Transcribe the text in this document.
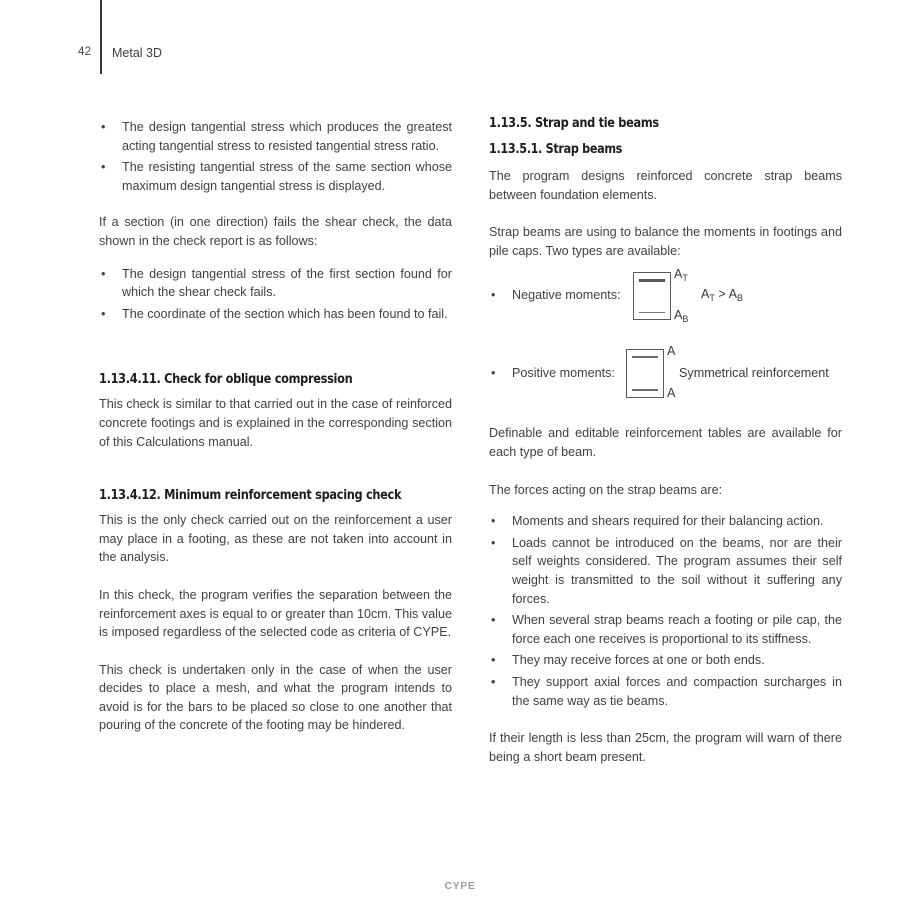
42 Metal 3D
• The design tangential stress which produces the greatest acting tangential stress to resisted tangential stress ratio.
• The resisting tangential stress of the same section whose maximum design tangential stress is displayed.

If a section (in one direction) fails the shear check, the data shown in the check report is as follows:

• The design tangential stress of the first section found for which the shear check fails.
• The coordinate of the section which has been found to fail.
1.13.4.11. Check for oblique compression

This check is similar to that carried out in the case of reinforced concrete footings and is explained in the corresponding section of this Calculations manual.

1.13.4.12. Minimum reinforcement spacing check

This is the only check carried out on the reinforcement a user may place in a footing, as these are not taken into account in the analysis.

In this check, the program verifies the separation between the reinforcement axes is equal to or greater than 10cm. This value is imposed regardless of the selected code as criteria of CYPE.

This check is undertaken only in the case of when the user decides to place a mesh, and what the program intends to avoid is for the bars to be placed so close to one another that pouring of the concrete of the footing may be hindered.

1.13.5. Strap and tie beams
1.13.5.1. Strap beams

The program designs reinforced concrete strap beams between foundation elements.

Strap beams are using to balance the moments in footings and pile caps. Two types are available:

• Negative moments:
$A_T$
$A_B$
$A_T > A_B$
• Positive moments:
A
A
Symmetrical reinforcement

Definable and editable reinforcement tables are available for each type of beam.

The forces acting on the strap beams are:

• Moments and shears required for their balancing action.
• Loads cannot be introduced on the beams, nor are their self weights considered. The program assumes their self weight is transmitted to the soil without it suffering any forces.
• When several strap beams reach a footing or pile cap, the force each one receives is proportional to its stiffness.
• They may receive forces at one or both ends.
• They support axial forces and compaction surcharges in the same way as tie beams.

If their length is less than 25cm, the program will warn of there being a short beam present.

CYPE
